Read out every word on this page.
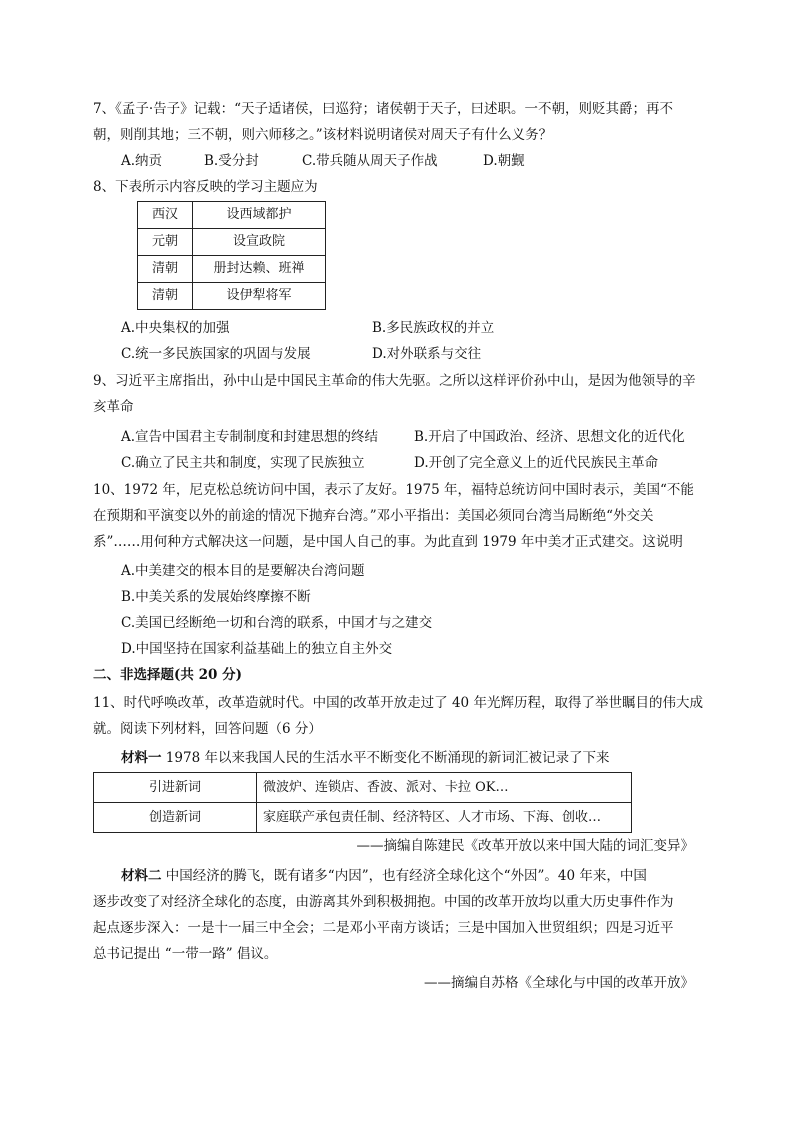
7、《孟子·告子》记载：“天子适诸侯，曰巡狩；诸侯朝于天子，曰述职。一不朝，则贬其爵；再不
朝，则削其地；三不朝，则六师移之。”该材料说明诸侯对周天子有什么义务？
A.纳贡	B.受分封	C.带兵随从周天子作战	D.朝觐
8、下表所示内容反映的学习主题应为
西汉	设西域都护
元朝	设宣政院
清朝	册封达赖、班禅
清朝	设伊犁将军
A.中央集权的加强	B.多民族政权的并立
C.统一多民族国家的巩固与发展	D.对外联系与交往
9、习近平主席指出，孙中山是中国民主革命的伟大先驱。之所以这样评价孙中山，是因为他领导的辛
亥革命
A.宣告中国君主专制制度和封建思想的终结	B.开启了中国政治、经济、思想文化的近代化
C.确立了民主共和制度，实现了民族独立	D.开创了完全意义上的近代民族民主革命
10、1972 年，尼克松总统访问中国，表示了友好。1975 年，福特总统访问中国时表示，美国“不能
在预期和平演变以外的前途的情况下抛弃台湾。”邓小平指出：美国必须同台湾当局断绝“外交关
系”……用何种方式解决这一问题，是中国人自己的事。为此直到 1979 年中美才正式建交。这说明
A.中美建交的根本目的是要解决台湾问题
B.中美关系的发展始终摩擦不断
C.美国已经断绝一切和台湾的联系，中国才与之建交
D.中国坚持在国家利益基础上的独立自主外交
二、非选择题(共 20 分)
11、时代呼唤改革，改革造就时代。中国的改革开放走过了 40 年光辉历程，取得了举世瞩目的伟大成
就。阅读下列材料，回答问题（6 分）
材料一 1978 年以来我国人民的生活水平不断变化不断涌现的新词汇被记录了下来
引进新词	微波炉、连锁店、香波、派对、卡拉 OK…
创造新词	家庭联产承包责任制、经济特区、人才市场、下海、创收…
——摘编自陈建民《改革开放以来中国大陆的词汇变异》
材料二 中国经济的腾飞，既有诸多“内因”，也有经济全球化这个“外因”。40 年来，中国
逐步改变了对经济全球化的态度，由游离其外到积极拥抱。中国的改革开放均以重大历史事件作为
起点逐步深入：一是十一届三中全会；二是邓小平南方谈话；三是中国加入世贸组织；四是习近平
总书记提出 “一带一路” 倡议。
——摘编自苏格《全球化与中国的改革开放》
